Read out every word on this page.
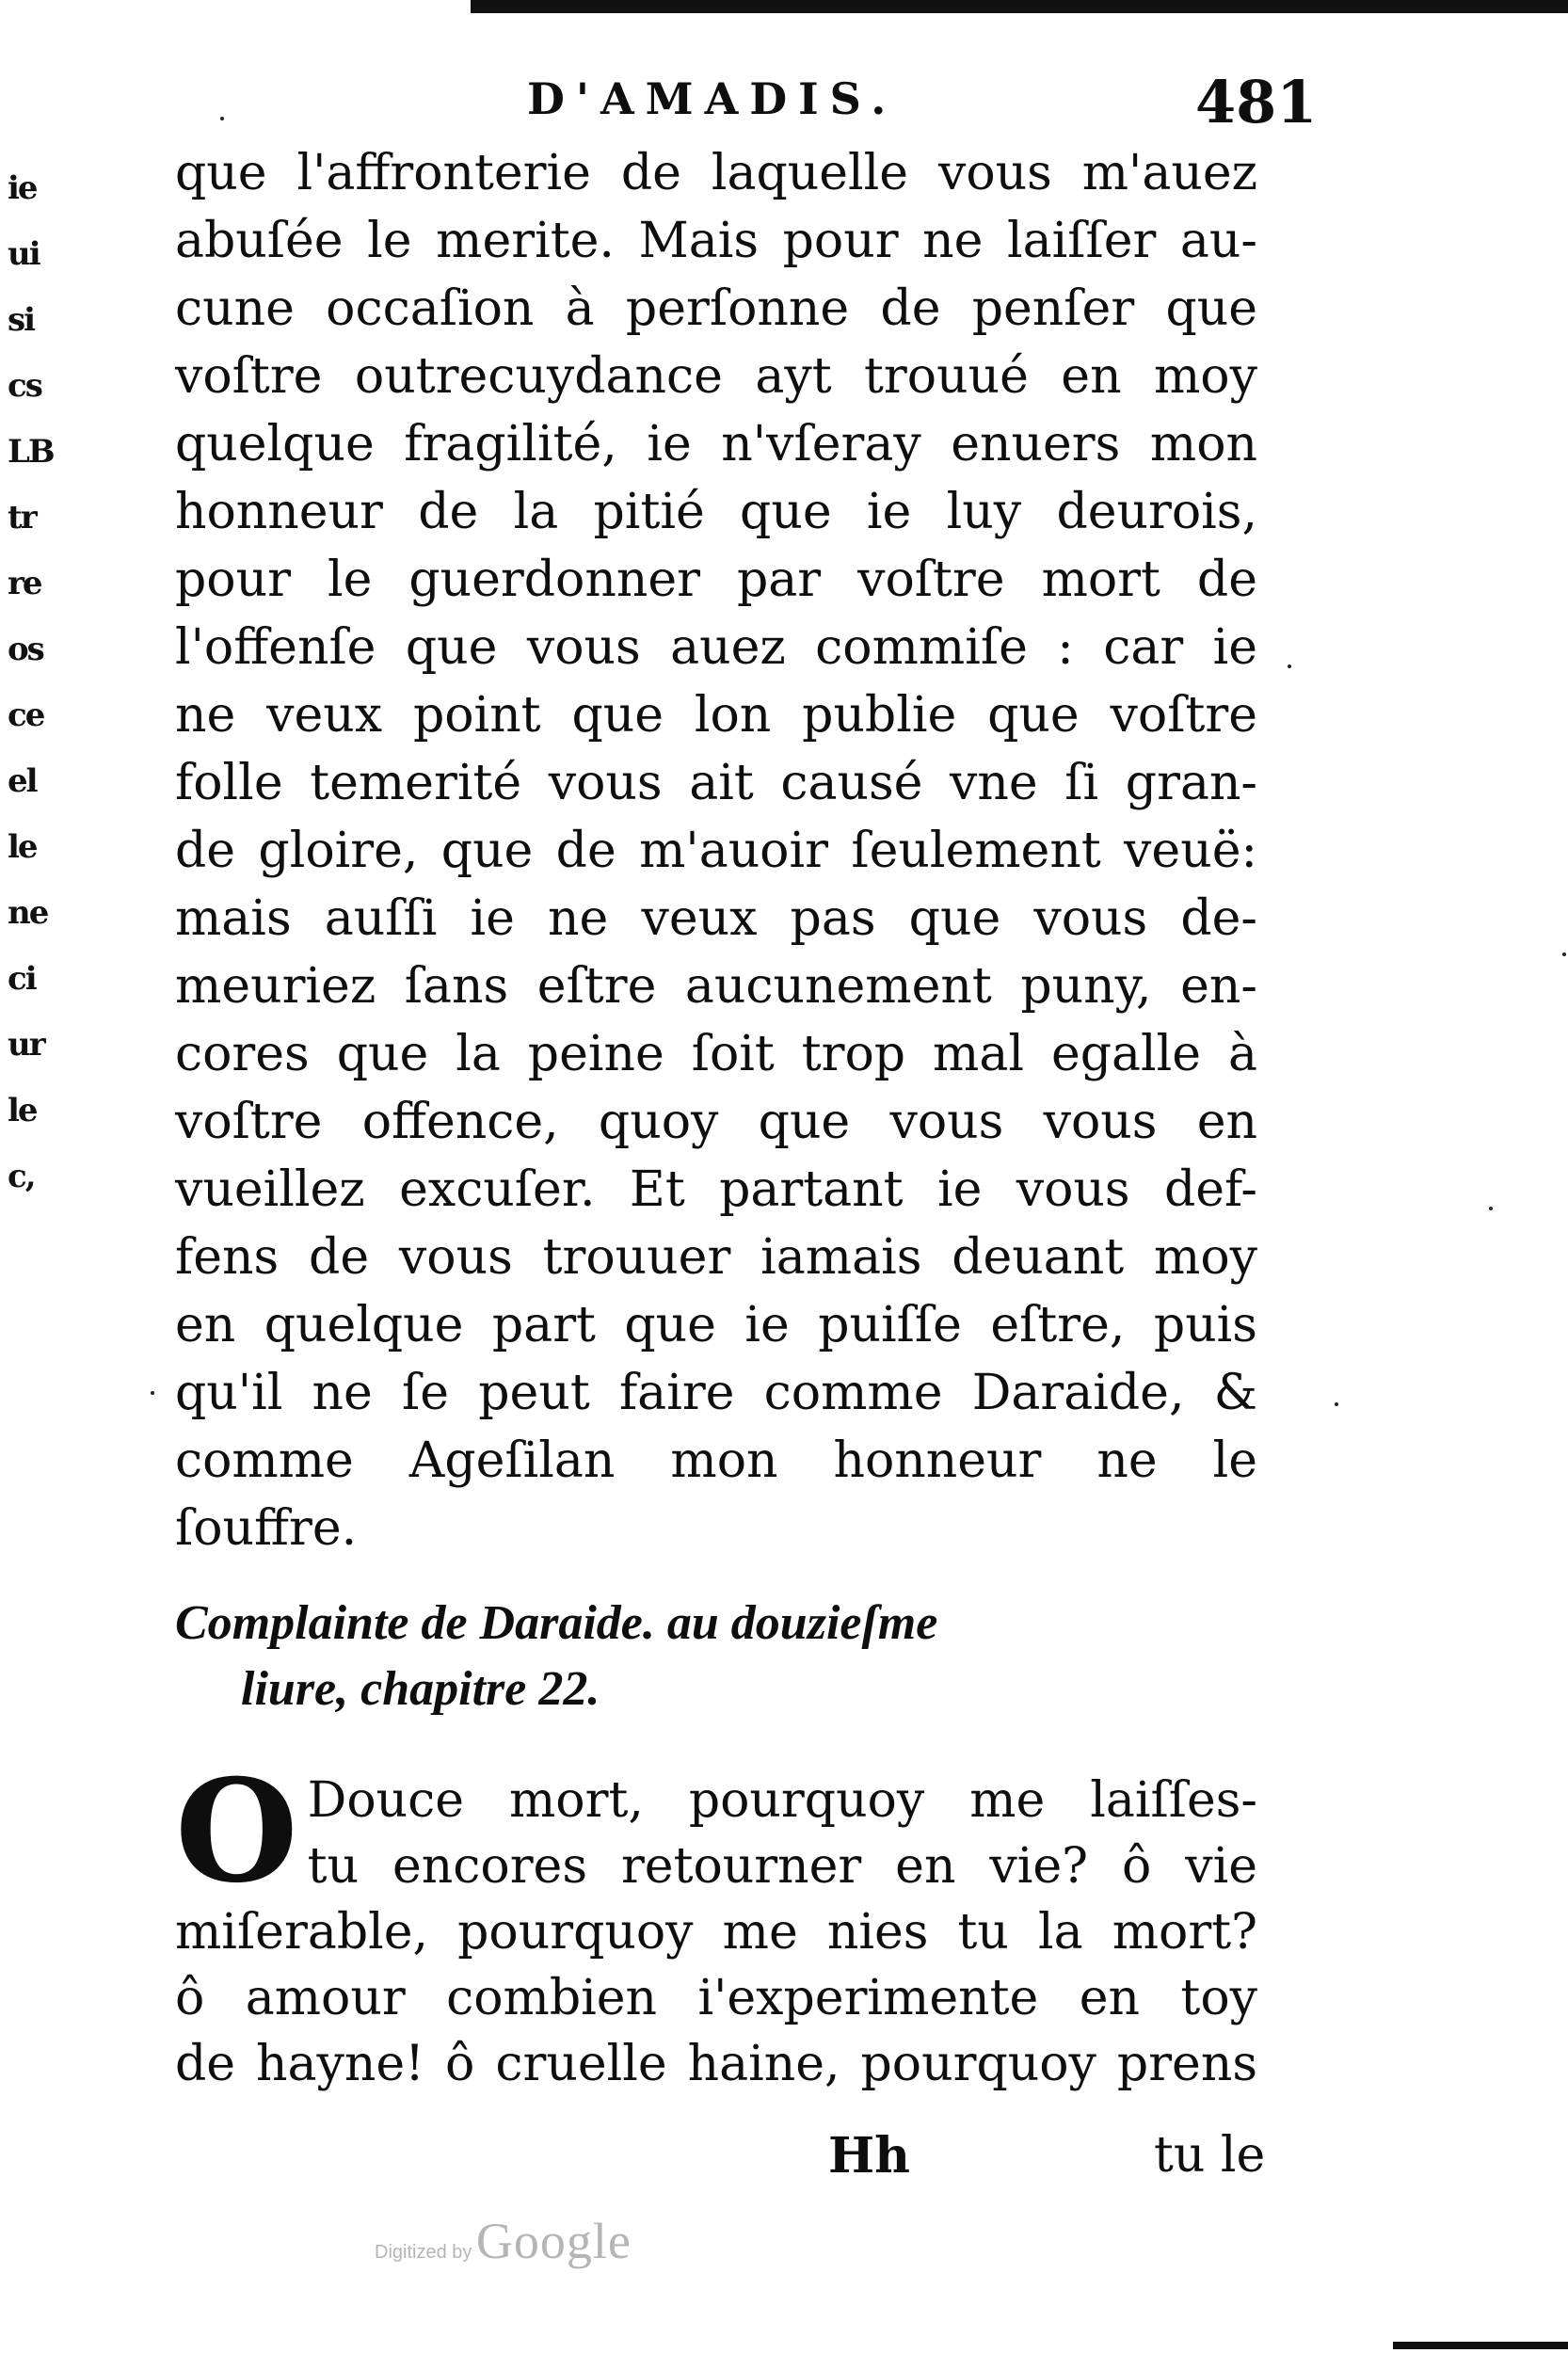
ie
ui
si
cs
LB
tr
re
os
ce
el
le
ne
ci
ur
le
c,
D'AMADIS.	481
que l'affronterie de laquelle vous m'auez
abuſée le merite. Mais pour ne laiſſer au-
cune occaſion à perſonne de penſer que
voſtre outrecuydance ayt trouué en moy
quelque fragilité, ie n'vſeray enuers mon
honneur de la pitié que ie luy deurois,
pour le guerdonner par voſtre mort de
l'offenſe que vous auez commiſe : car ie
ne veux point que lon publie que voſtre
folle temerité vous ait causé vne ſi gran-
de gloire, que de m'auoir ſeulement veuë:
mais auſſi ie ne veux pas que vous de-
meuriez ſans eſtre aucunement puny, en-
cores que la peine ſoit trop mal egalle à
voſtre offence, quoy que vous vous en
vueillez excuſer. Et partant ie vous def-
fens de vous trouuer iamais deuant moy
en quelque part que ie puiſſe eſtre, puis
qu'il ne ſe peut faire comme Daraide, &
comme Ageſilan mon honneur ne le
ſouffre.
Complainte de Daraide. au douzieſme
liure, chapitre 22.
O Douce mort, pourquoy me laiſſes-
tu encores retourner en vie? ô vie
miſerable, pourquoy me nies tu la mort?
ô amour combien i'experimente en toy
de hayne! ô cruelle haine, pourquoy prens
Hh	tu le
Digitized by Google
